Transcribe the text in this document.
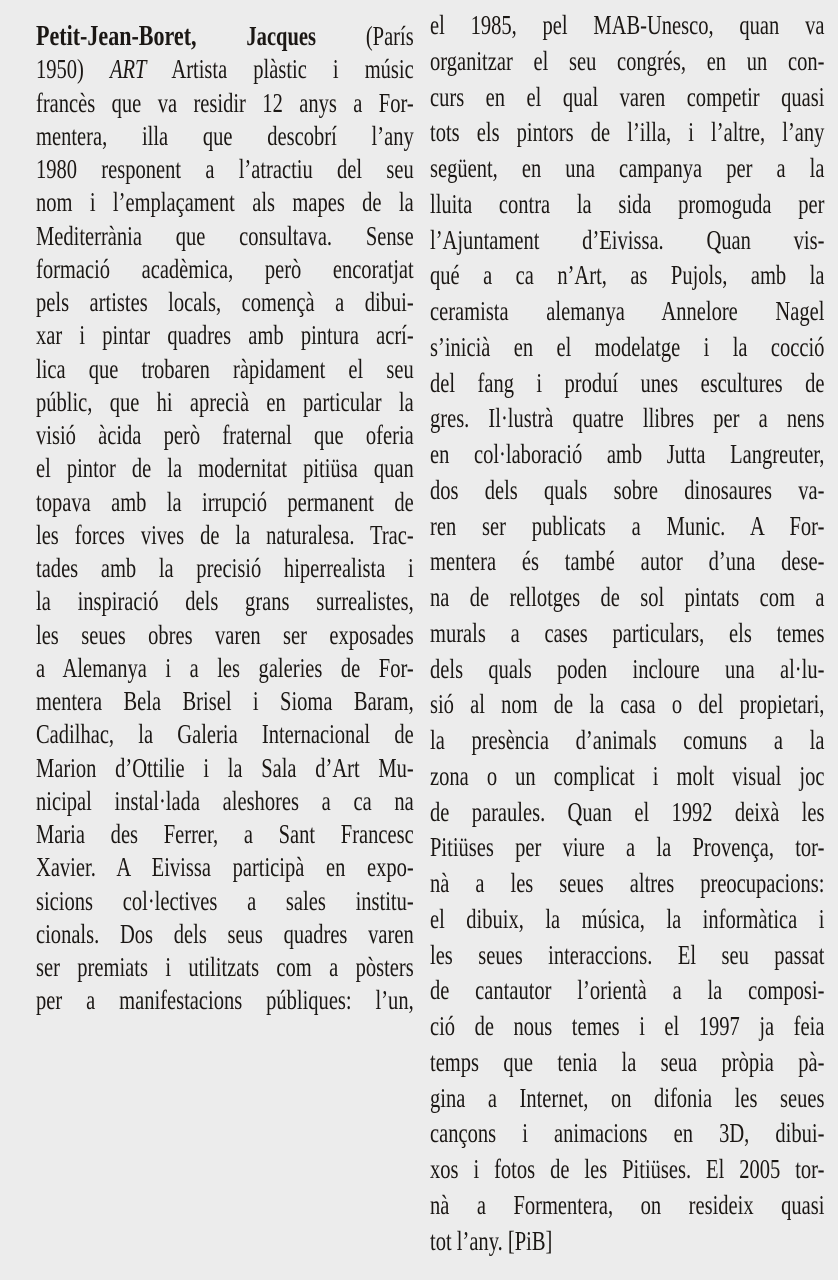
Petit-Jean-Boret, Jacques (París
1950) ART Artista plàstic i músic
francès que va residir 12 anys a For-
mentera, illa que descobrí l’any
1980 responent a l’atractiu del seu
nom i l’emplaçament als mapes de la
Mediterrània que consultava. Sense
formació acadèmica, però encoratjat
pels artistes locals, començà a dibui-
xar i pintar quadres amb pintura acrí-
lica que trobaren ràpidament el seu
públic, que hi aprecià en particular la
visió àcida però fraternal que oferia
el pintor de la modernitat pitiüsa quan
topava amb la irrupció permanent de
les forces vives de la naturalesa. Trac-
tades amb la precisió hiperrealista i
la inspiració dels grans surrealistes,
les seues obres varen ser exposades
a Alemanya i a les galeries de For-
mentera Bela Brisel i Sioma Baram,
Cadilhac, la Galeria Internacional de
Marion d’Ottilie i la Sala d’Art Mu-
nicipal instal·lada aleshores a ca na
Maria des Ferrer, a Sant Francesc
Xavier. A Eivissa participà en expo-
sicions col·lectives a sales institu-
cionals. Dos dels seus quadres varen
ser premiats i utilitzats com a pòsters
per a manifestacions públiques: l’un,
el 1985, pel MAB-Unesco, quan va
organitzar el seu congrés, en un con-
curs en el qual varen competir quasi
tots els pintors de l’illa, i l’altre, l’any
següent, en una campanya per a la
lluita contra la sida promoguda per
l’Ajuntament d’Eivissa. Quan vis-
qué a ca n’Art, as Pujols, amb la
ceramista alemanya Annelore Nagel
s’inicià en el modelatge i la cocció
del fang i produí unes escultures de
gres. Il·lustrà quatre llibres per a nens
en col·laboració amb Jutta Langreuter,
dos dels quals sobre dinosaures va-
ren ser publicats a Munic. A For-
mentera és també autor d’una dese-
na de rellotges de sol pintats com a
murals a cases particulars, els temes
dels quals poden incloure una al·lu-
sió al nom de la casa o del propietari,
la presència d’animals comuns a la
zona o un complicat i molt visual joc
de paraules. Quan el 1992 deixà les
Pitiüses per viure a la Provença, tor-
nà a les seues altres preocupacions:
el dibuix, la música, la informàtica i
les seues interaccions. El seu passat
de cantautor l’orientà a la composi-
ció de nous temes i el 1997 ja feia
temps que tenia la seua pròpia pà-
gina a Internet, on difonia les seues
cançons i animacions en 3D, dibui-
xos i fotos de les Pitiüses. El 2005 tor-
nà a Formentera, on resideix quasi
tot l’any. [PiB]
